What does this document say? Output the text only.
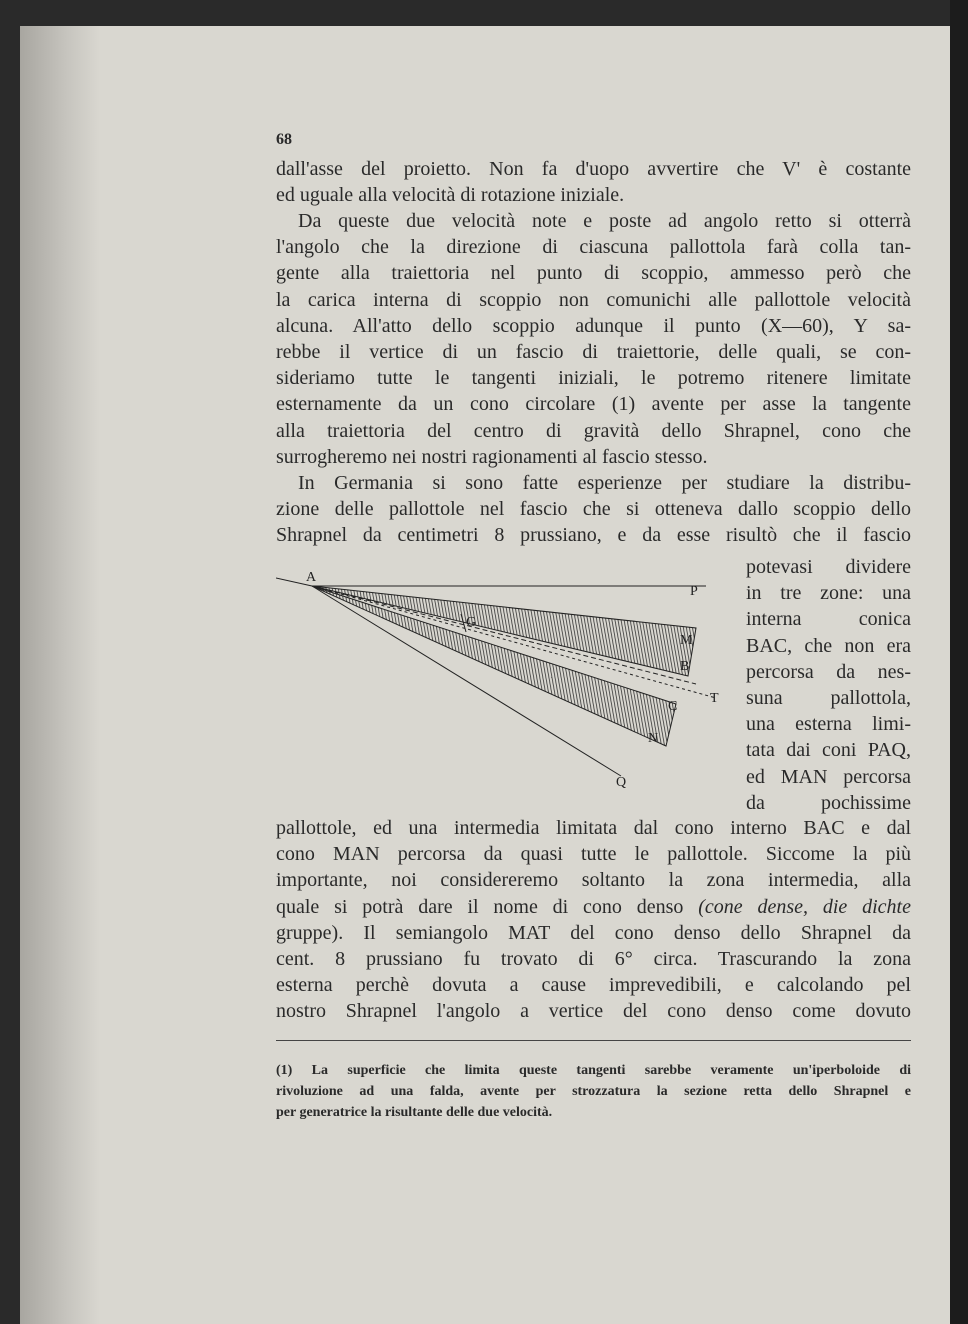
68
dall'asse del proietto. Non fa d'uopo avvertire che V' è costante
ed uguale alla velocità di rotazione iniziale.
Da queste due velocità note e poste ad angolo retto si otterrà
l'angolo che la direzione di ciascuna pallottola farà colla tan-
gente alla traiettoria nel punto di scoppio, ammesso però che
la carica interna di scoppio non comunichi alle pallottole velocità
alcuna. All'atto dello scoppio adunque il punto (X—60), Y sa-
rebbe il vertice di un fascio di traiettorie, delle quali, se con-
sideriamo tutte le tangenti iniziali, le potremo ritenere limitate
esternamente da un cono circolare (1) avente per asse la tangente
alla traiettoria del centro di gravità dello Shrapnel, cono che
surrogheremo nei nostri ragionamenti al fascio stesso.
In Germania si sono fatte esperienze per studiare la distribu-
zione delle pallottole nel fascio che si otteneva dallo scoppio dello
Shrapnel da centimetri 8 prussiano, e da esse risultò che il fascio
A
P
G
M
B
T
C
N
Q
potevasi dividere
in tre zone: una
interna conica
BAC, che non era
percorsa da nes-
suna pallottola,
una esterna limi-
tata dai coni PAQ,
ed MAN percorsa
da pochissime
pallottole, ed una intermedia limitata dal cono interno BAC e dal
cono MAN percorsa da quasi tutte le pallottole. Siccome la più
importante, noi considereremo soltanto la zona intermedia, alla
quale si potrà dare il nome di cono denso (cone dense, die dichte
gruppe). Il semiangolo MAT del cono denso dello Shrapnel da
cent. 8 prussiano fu trovato di 6° circa. Trascurando la zona
esterna perchè dovuta a cause imprevedibili, e calcolando pel
nostro Shrapnel l'angolo a vertice del cono denso come dovuto
(1) La superficie che limita queste tangenti sarebbe veramente un'iperboloide di
rivoluzione ad una falda, avente per strozzatura la sezione retta dello Shrapnel e
per generatrice la risultante delle due velocità.
